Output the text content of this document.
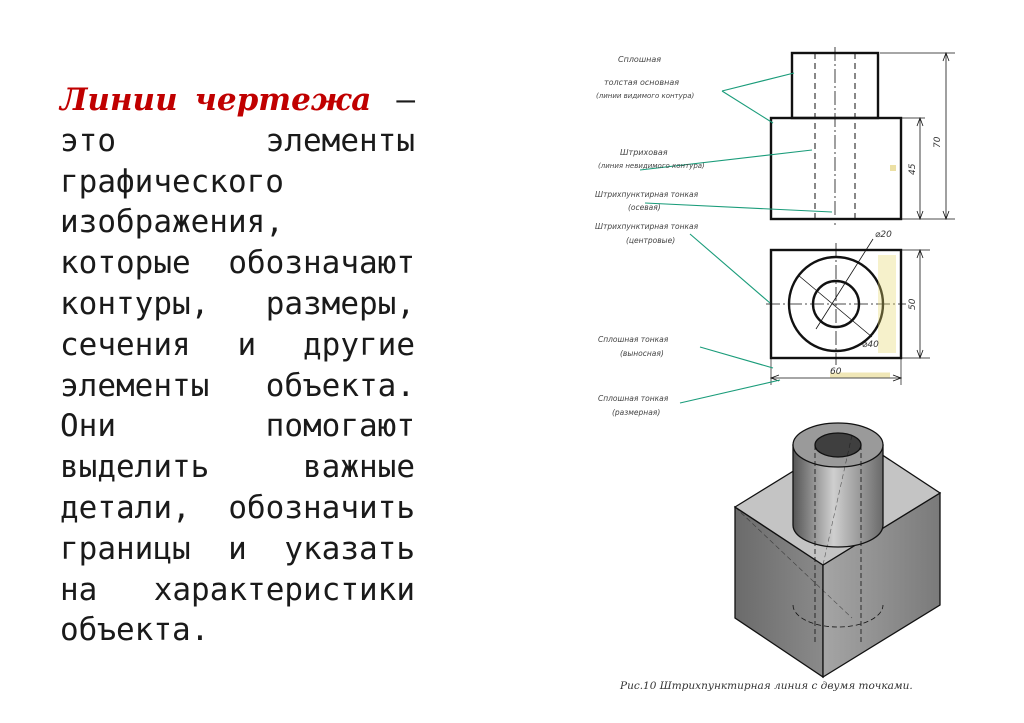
Линии чертежа — это элементы графического изображения, которые обозначают контуры, размеры, сечения и другие элементы объекта. Они помогают выделить важные детали, обозначить границы и указать на характеристики объекта.
45
70
⌀20
⌀40
50
60
Сплошная
толстая основная
(линии видимого контура)
Штриховая
(линия невидимого контура)
Штрихпунктирная тонкая
(осевая)
Штрихпунктирная тонкая
(центровые)
Сплошная тонкая
(выносная)
Сплошная тонкая
(размерная)
Рис.10 Штрихпунктирная линия с двумя точками.
